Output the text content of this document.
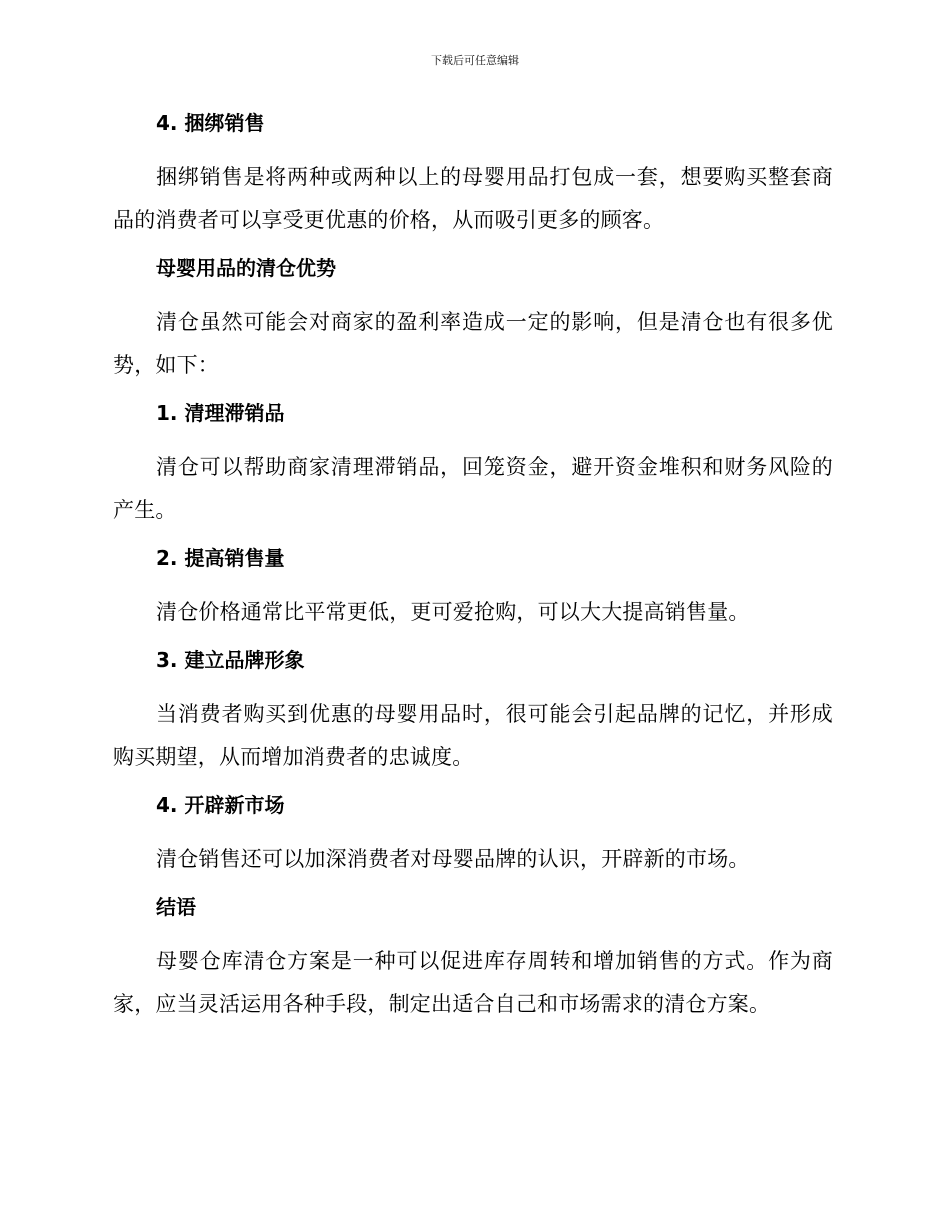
下载后可任意编辑
4. 捆绑销售

捆绑销售是将两种或两种以上的母婴用品打包成一套，想要购买整套商品的消费者可以享受更优惠的价格，从而吸引更多的顾客。

母婴用品的清仓优势

清仓虽然可能会对商家的盈利率造成一定的影响，但是清仓也有很多优势，如下：

1. 清理滞销品

清仓可以帮助商家清理滞销品，回笼资金，避开资金堆积和财务风险的产生。

2. 提高销售量

清仓价格通常比平常更低，更可爱抢购，可以大大提高销售量。

3. 建立品牌形象

当消费者购买到优惠的母婴用品时，很可能会引起品牌的记忆，并形成购买期望，从而增加消费者的忠诚度。

4. 开辟新市场

清仓销售还可以加深消费者对母婴品牌的认识，开辟新的市场。

结语

母婴仓库清仓方案是一种可以促进库存周转和增加销售的方式。作为商家，应当灵活运用各种手段，制定出适合自己和市场需求的清仓方案。
